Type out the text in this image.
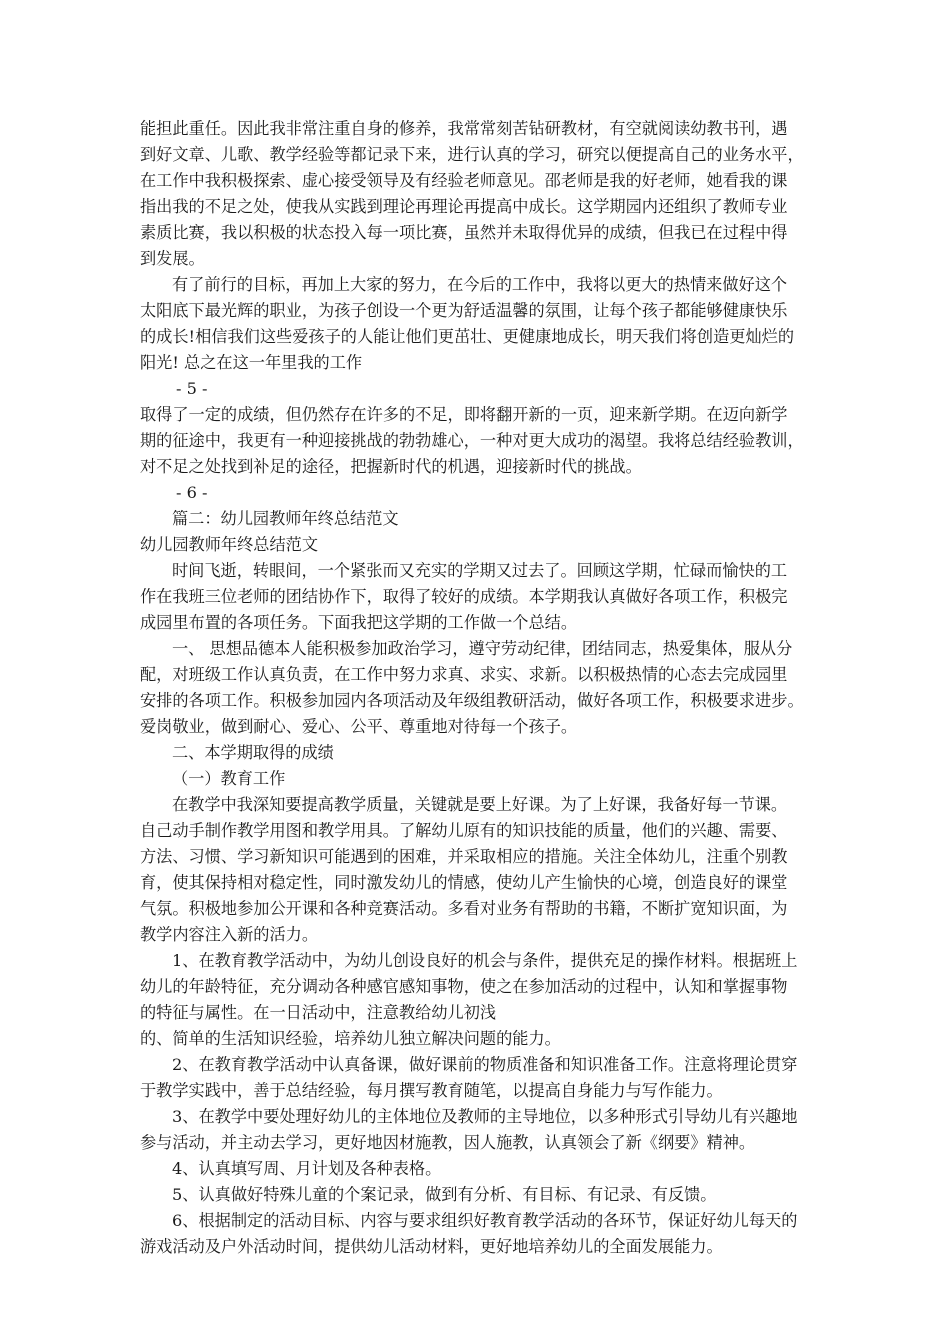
能担此重任。因此我非常注重自身的修养，我常常刻苦钻研教材，有空就阅读幼教书刊，遇

到好文章、儿歌、教学经验等都记录下来，进行认真的学习，研究以便提高自己的业务水平，

在工作中我积极探索、虚心接受领导及有经验老师意见。邵老师是我的好老师，她看我的课

指出我的不足之处，使我从实践到理论再理论再提高中成长。这学期园内还组织了教师专业

素质比赛，我以积极的状态投入每一项比赛，虽然并未取得优异的成绩，但我已在过程中得

到发展。

有了前行的目标，再加上大家的努力，在今后的工作中，我将以更大的热情来做好这个

太阳底下最光辉的职业，为孩子创设一个更为舒适温馨的氛围，让每个孩子都能够健康快乐

的成长!相信我们这些爱孩子的人能让他们更茁壮、更健康地成长，明天我们将创造更灿烂的

阳光! 总之在这一年里我的工作

- 5 -

取得了一定的成绩，但仍然存在许多的不足，即将翻开新的一页，迎来新学期。在迈向新学

期的征途中，我更有一种迎接挑战的勃勃雄心，一种对更大成功的渴望。我将总结经验教训，

对不足之处找到补足的途径，把握新时代的机遇，迎接新时代的挑战。

- 6 -

篇二：幼儿园教师年终总结范文

幼儿园教师年终总结范文

时间飞逝，转眼间，一个紧张而又充实的学期又过去了。回顾这学期，忙碌而愉快的工

作在我班三位老师的团结协作下，取得了较好的成绩。本学期我认真做好各项工作，积极完

成园里布置的各项任务。下面我把这学期的工作做一个总结。

一、 思想品德本人能积极参加政治学习，遵守劳动纪律，团结同志，热爱集体，服从分

配，对班级工作认真负责，在工作中努力求真、求实、求新。以积极热情的心态去完成园里

安排的各项工作。积极参加园内各项活动及年级组教研活动，做好各项工作，积极要求进步。

爱岗敬业，做到耐心、爱心、公平、尊重地对待每一个孩子。

二、本学期取得的成绩

（一）教育工作

在教学中我深知要提高教学质量，关键就是要上好课。为了上好课，我备好每一节课。

自己动手制作教学用图和教学用具。了解幼儿原有的知识技能的质量，他们的兴趣、需要、

方法、习惯、学习新知识可能遇到的困难，并采取相应的措施。关注全体幼儿，注重个别教

育，使其保持相对稳定性，同时激发幼儿的情感，使幼儿产生愉快的心境，创造良好的课堂

气氛。积极地参加公开课和各种竞赛活动。多看对业务有帮助的书籍，不断扩宽知识面，为

教学内容注入新的活力。

1、在教育教学活动中，为幼儿创设良好的机会与条件，提供充足的操作材料。根据班上

幼儿的年龄特征，充分调动各种感官感知事物，使之在参加活动的过程中，认知和掌握事物

的特征与属性。在一日活动中，注意教给幼儿初浅

的、简单的生活知识经验，培养幼儿独立解决问题的能力。

2、在教育教学活动中认真备课，做好课前的物质准备和知识准备工作。注意将理论贯穿

于教学实践中，善于总结经验，每月撰写教育随笔，以提高自身能力与写作能力。

3、在教学中要处理好幼儿的主体地位及教师的主导地位，以多种形式引导幼儿有兴趣地

参与活动，并主动去学习，更好地因材施教，因人施教，认真领会了新《纲要》精神。

4、认真填写周、月计划及各种表格。

5、认真做好特殊儿童的个案记录，做到有分析、有目标、有记录、有反馈。

6、根据制定的活动目标、内容与要求组织好教育教学活动的各环节，保证好幼儿每天的

游戏活动及户外活动时间，提供幼儿活动材料，更好地培养幼儿的全面发展能力。
